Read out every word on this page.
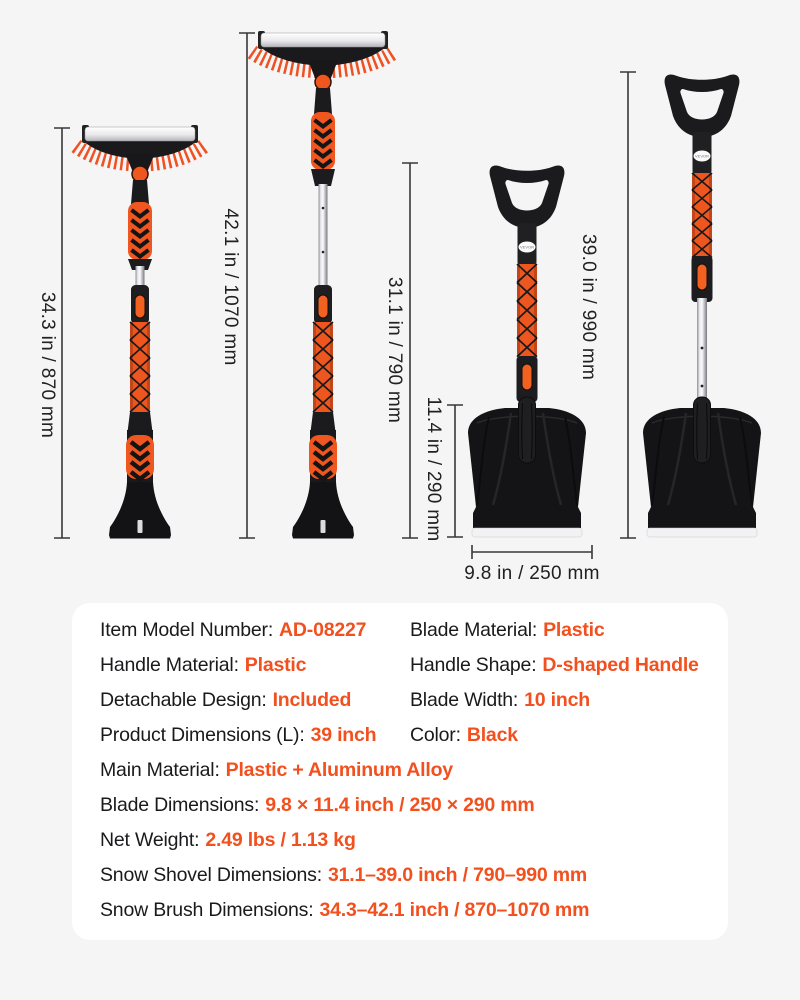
VEVOR
VEVOR
34.3 in / 870 mm	42.1 in / 1070 mm	31.1 in / 790 mm	39.0 in / 990 mm
11.4 in / 290 mm
9.8 in / 250 mm
Item Model Number: AD-08227 Blade Material: Plastic
Handle Material: Plastic	Handle Shape: D-shaped Handle
Detachable Design: Included	Blade Width: 10 inch
Product Dimensions (L): 39 inch Color: Black
Main Material: Plastic + Aluminum Alloy
Blade Dimensions: 9.8 × 11.4 inch / 250 × 290 mm
Net Weight: 2.49 lbs / 1.13 kg
Snow Shovel Dimensions: 31.1–39.0 inch / 790–990 mm
Snow Brush Dimensions: 34.3–42.1 inch / 870–1070 mm
